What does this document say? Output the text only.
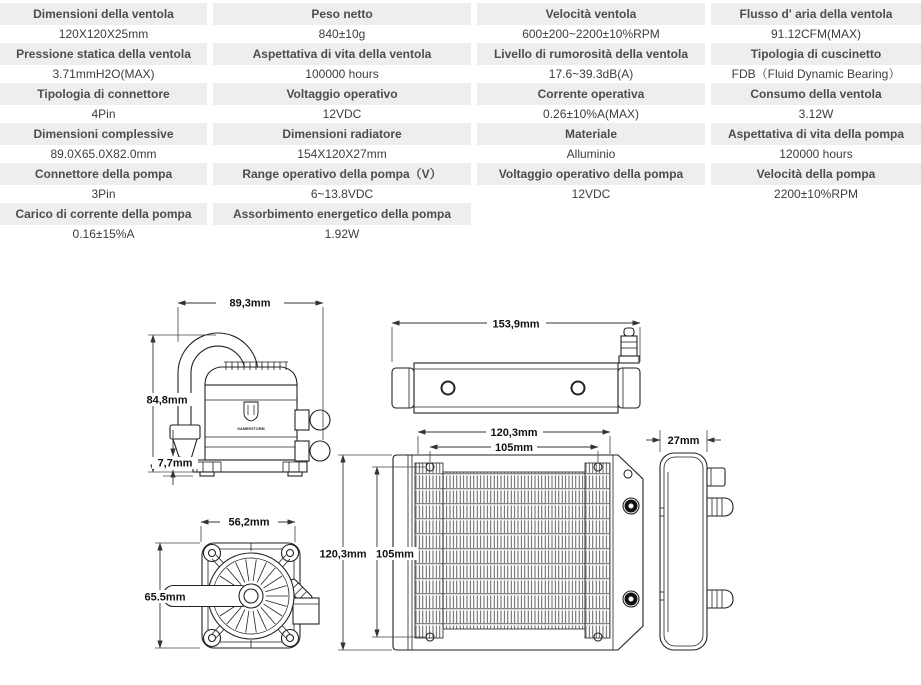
Dimensioni della ventola
120X120X25mm
Peso netto
840±10g
Velocità ventola
600±200~2200±10%RPM
Flusso d' aria della ventola
91.12CFM(MAX)
Pressione statica della ventola
3.71mmH2O(MAX)
Aspettativa di vita della ventola
100000 hours
Livello di rumorosità della ventola
17.6~39.3dB(A)
Tipologia di cuscinetto
FDB（Fluid Dynamic Bearing）
Tipologia di connettore
4Pin
Voltaggio operativo
12VDC
Corrente operativa
0.26±10%A(MAX)
Consumo della ventola
3.12W
Dimensioni complessive
89.0X65.0X82.0mm
Dimensioni radiatore
154X120X27mm
Materiale
Alluminio
Aspettativa di vita della pompa
120000 hours
Connettore della pompa
3Pin
Range operativo della pompa（V）
6~13.8VDC
Voltaggio operativo della pompa
12VDC
Velocità della pompa
2200±10%RPM
Carico di corrente della pompa
0.16±15%A
Assorbimento energetico della pompa
1.92W
GAMERSTORM
89,3mm
84,8mm
7,7mm
153,9mm
120,3mm
105mm
120,3mm 105mm
27mm
56,2mm
65.5mm
